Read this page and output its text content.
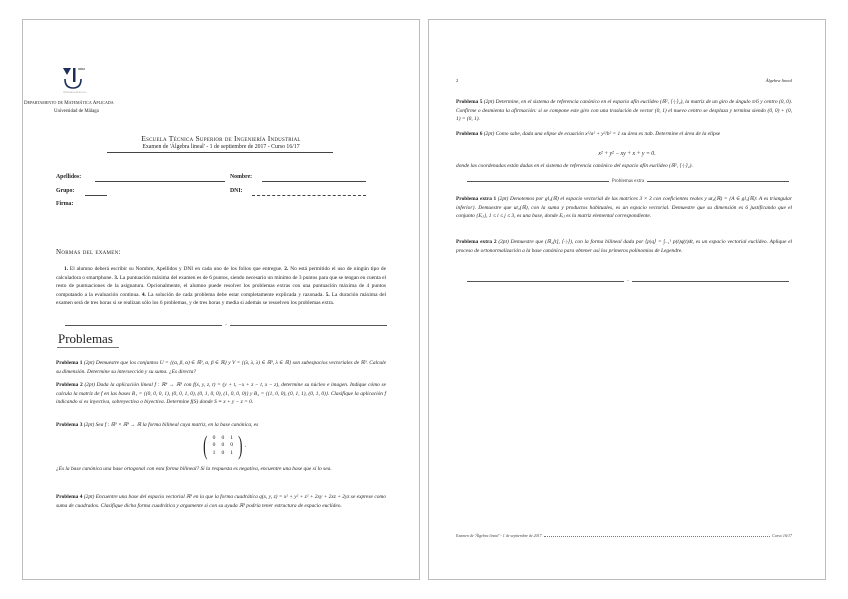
uma
UNIVERSIDAD DE MÁLAGA
Departamento de Matemática Aplicada
Universidad de Málaga
Escuela Técnica Superior de Ingeniería Industrial
Examen de 'Álgebra lineal' - 1 de septiembre de 2017 - Curso 16/17
Apellidos:	Nombre:
Grupo:	DNI:
Firma:
Normas del examen:
1. El alumno deberá escribir su Nombre, Apellidos y DNI en cada uno de los folios que entregue. 2. No está permitido el uso de ningún tipo de calculadora o smartphone. 3. La puntuación máxima del examen es de 6 puntos, siendo necesario un mínimo de 3 puntos para que se tengan en cuenta el resto de puntuaciones de la asignatura. Opcionalmente, el alumno puede resolver los problemas extras con una puntuación máxima de 4 puntos computando a la evaluación continua. 4. La solución de cada problema debe estar completamente explicada y razonada. 5. La duración máxima del examen será de tres horas si se realizan sólo los 6 problemas, y de tres horas y media si además se resuelven los problemas extra.
◦
Problemas
Problema 1 (2pt) Demuestre que los conjuntos U = {(α, β, α) ∈ ℝ³, α, β ∈ ℝ} y V = {(λ, λ, λ) ∈ ℝ³, λ ∈ ℝ} son subespacios vectoriales de ℝ³. Calcule su dimensión. Determine su intersección y su suma. ¿Es directa?
Problema 2 (2pt) Dada la aplicación lineal f : ℝ⁴ → ℝ³ con f(x, y, z, t) = (y + t, −x + z − t, x − z), determine su núcleo e imagen. Indique cómo se calcula la matriz de f en las bases B₁ = {(0, 0, 0, 1), (0, 0, 1, 0), (0, 1, 0, 0), (1, 0, 0, 0)} y B₂ = {(1, 0, 0), (0, 1, 1), (0, 1, 0)}. Clasifique la aplicación f indicando si es inyectiva, sobreyectiva o biyectiva. Determine f(S) donde S ≡ x + y − z = 0.
Problema 3 (2pt) Sea f : ℝ³ × ℝ³ → ℝ la forma bilineal cuya matriz, en la base canónica, es
( 0	0	1
0	0	0
1	0	1 ) .
¿Es la base canónica una base ortogonal con esta forma bilineal? Si la respuesta es negativa, encuentre una base que sí lo sea.
Problema 4 (2pt) Encuentre una base del espacio vectorial ℝ³ en la que la forma cuadrática q(x, y, z) = x² + y² + z² + 2xy + 2xz + 2yz se exprese como suma de cuadrados. Clasifique dicha forma cuadrática y argumente si con su ayuda ℝ³ podría tener estructura de espacio euclídeo.
2	Álgebra lineal
Problema 5 (2pt) Determine, en el sistema de referencia canónico en el espacio afín euclídeo (ℝ², ⟨·|·⟩₂), la matriz de un giro de ángulo π/6 y centro (0, 0). Confirme o desmienta la afirmación: si se compone este giro con una traslación de vector (0, 1) el nuevo centro se desplaza y termina siendo (0, 0) + (0, 1) = (0, 1).
Problema 6 (2pt) Como sabe, dada una elipse de ecuación x²/a² + y²/b² = 1 su área es πab. Determine el área de la elipse
x² + y² − xy + x + y = 0.
donde las coordenadas están dadas en el sistema de referencia canónico del espacio afín euclídeo (ℝ², ⟨·|·⟩₂).
Problemas extra
Problema extra 1 (2pt) Denotemos por gl₃(ℝ) el espacio vectorial de las matrices 3 × 3 con coeficientes reales y ut₃(ℝ) = {A ∈ gl₃(ℝ): A es triangular inferior}. Demuestre que ut₃(ℝ), con la suma y productos habituales, es un espacio vectorial. Demuestre que su dimensión es 6 justificando que el conjunto {Eᵢⱼ}, 1 ≤ i ≤ j ≤ 3, es una base, donde Eᵢⱼ es la matriz elemental correspondiente.
Problema extra 2 (2pt) Demuestre que (ℝ₂[t], ⟨·|·⟩), con la forma bilineal dada por ⟨p|q⟩ = ∫₋₁¹ p(t)q(t)dt, es un espacio vectorial euclídeo. Aplique el proceso de ortonormalización a la base canónica para obtener así los primeros polinomios de Legendre.
◦
Examen de 'Álgebra lineal' - 1 de septiembre de 2017	Curso 16/17
